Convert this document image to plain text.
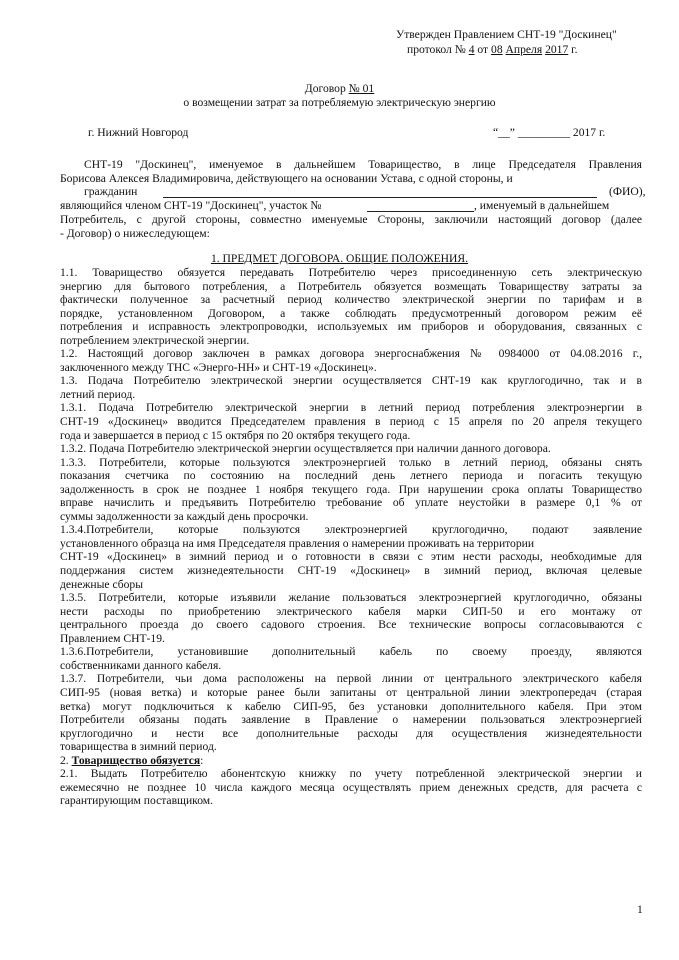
Утвержден Правлением СНТ-19 "Доскинец"
протокол № 4 от 08 Апреля 2017 г.
Договор № 01
о возмещении затрат за потребляемую электрическую энергию
г. Нижний Новгород	“__” _________ 2017 г.
СНТ-19 "Доскинец", именуемое в дальнейшем Товарищество, в лице Председателя Правления
Борисова Алексея Владимировича, действующего на основании Устава, с одной стороны, и
гражданин	(ФИО),
являющийся членом СНТ-19 "Доскинец", участок №	, именуемый в дальнейшем
Потребитель, с другой стороны, совместно именуемые Стороны, заключили настоящий договор (далее
- Договор) о нижеследующем:
1. ПРЕДМЕТ ДОГОВОРА. ОБЩИЕ ПОЛОЖЕНИЯ.
1.1. Товарищество обязуется передавать Потребителю через присоединенную сеть электрическую
энергию для бытового потребления, а Потребитель обязуется возмещать Товариществу затраты за
фактически полученное за расчетный период количество электрической энергии по тарифам и в
порядке, установленном Договором, а также соблюдать предусмотренный договором режим её
потребления и исправность электропроводки, используемых им приборов и оборудования, связанных с
потреблением электрической энергии.
1.2. Настоящий договор заключен в рамках договора энергоснабжения № 0984000 от 04.08.2016 г.,
заключенного между ТНС «Энерго-НН» и СНТ-19 «Доскинец».
1.3. Подача Потребителю электрической энергии осуществляется СНТ-19 как круглогодично, так и в
летний период.
1.3.1. Подача Потребителю электрической энергии в летний период потребления электроэнергии в
СНТ-19 «Доскинец» вводится Председателем правления в период с 15 апреля по 20 апреля текущего
года и завершается в период с 15 октября по 20 октября текущего года.
1.3.2. Подача Потребителю электрической энергии осуществляется при наличии данного договора.
1.3.3. Потребители, которые пользуются электроэнергией только в летний период, обязаны снять
показания счетчика по состоянию на последний день летнего периода и погасить текущую
задолженность в срок не позднее 1 ноября текущего года. При нарушении срока оплаты Товарищество
вправе начислить и предъявить Потребителю требование об уплате неустойки в размере 0,1 % от
суммы задолженности за каждый день просрочки.
1.3.4.Потребители, которые пользуются электроэнергией круглогодично, подают заявление
установленного образца на имя Председателя правления о намерении проживать на территории
СНТ-19 «Доскинец» в зимний период и о готовности в связи с этим нести расходы, необходимые для
поддержания систем жизнедеятельности СНТ-19 «Доскинец» в зимний период, включая целевые
денежные сборы
1.3.5. Потребители, которые изъявили желание пользоваться электроэнергией круглогодично, обязаны
нести расходы по приобретению электрического кабеля марки СИП-50 и его монтажу от
центрального проезда до своего садового строения. Все технические вопросы согласовываются с
Правлением СНТ-19.
1.3.6.Потребители, установившие дополнительный кабель по своему проезду, являются
собственниками данного кабеля.
1.3.7. Потребители, чьи дома расположены на первой линии от центрального электрического кабеля
СИП-95 (новая ветка) и которые ранее были запитаны от центральной линии электропередач (старая
ветка) могут подключиться к кабелю СИП-95, без установки дополнительного кабеля. При этом
Потребители обязаны подать заявление в Правление о намерении пользоваться электроэнергией
круглогодично и нести все дополнительные расходы для осуществления жизнедеятельности
товарищества в зимний период.
2. Товарищество обязуется:
2.1. Выдать Потребителю абонентскую книжку по учету потребленной электрической энергии и
ежемесячно не позднее 10 числа каждого месяца осуществлять прием денежных средств, для расчета с
гарантирующим поставщиком.
1
